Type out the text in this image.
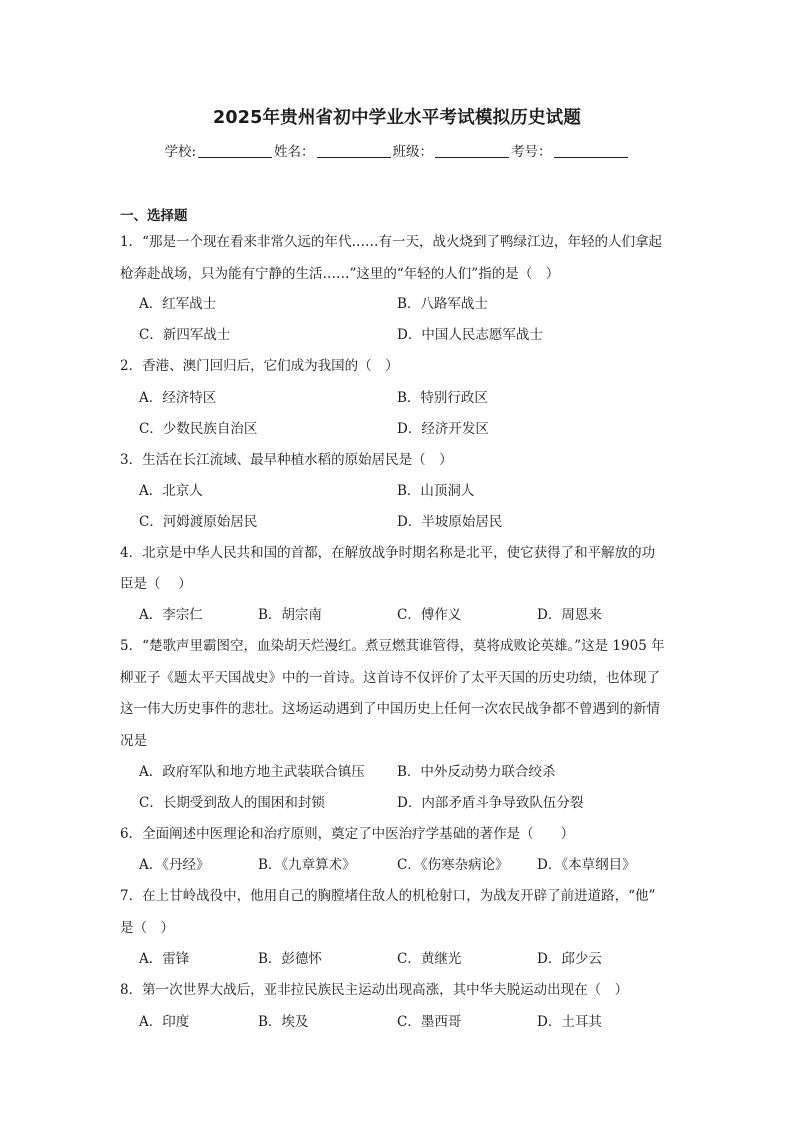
2025年贵州省初中学业水平考试模拟历史试题
学校:	姓名：	班级：	考号：
一、选择题
1．“那是一个现在看来非常久远的年代……有一天，战火烧到了鸭绿江边，年轻的人们拿起
枪奔赴战场，只为能有宁静的生活……”这里的“年轻的人们”指的是（　）
A．红军战士	B．八路军战士
C．新四军战士	D．中国人民志愿军战士
2．香港、澳门回归后，它们成为我国的（　）
A．经济特区	B．特别行政区
C．少数民族自治区	D．经济开发区
3．生活在长江流域、最早种植水稻的原始居民是（　）
A．北京人	B．山顶洞人
C．河姆渡原始居民	D．半坡原始居民
4．北京是中华人民共和国的首都，在解放战争时期名称是北平，使它获得了和平解放的功
臣是（　 ）
A．李宗仁	B．胡宗南	C．傅作义	D．周恩来
5．“楚歌声里霸图空，血染胡天烂漫红。煮豆燃萁谁管得，莫将成败论英雄。”这是 1905 年
柳亚子《题太平天国战史》中的一首诗。这首诗不仅评价了太平天国的历史功绩，也体现了
这一伟大历史事件的悲壮。这场运动遇到了中国历史上任何一次农民战争都不曾遇到的新情
况是
A．政府军队和地方地主武装联合镇压 B．中外反动势力联合绞杀
C．长期受到敌人的围困和封锁	D．内部矛盾斗争导致队伍分裂
6．全面阐述中医理论和治疗原则，奠定了中医治疗学基础的著作是（　　）
A．《丹经》	B．《九章算术》	C．《伤寒杂病论》 D．《本草纲目》
7．在上甘岭战役中，他用自己的胸膛堵住敌人的机枪射口，为战友开辟了前进道路，“他”
是（　）
A．雷锋	B．彭德怀	C．黄继光	D．邱少云
8．第一次世界大战后，亚非拉民族民主运动出现高涨，其中华夫脱运动出现在（　）
A．印度	B．埃及	C．墨西哥	D．土耳其
